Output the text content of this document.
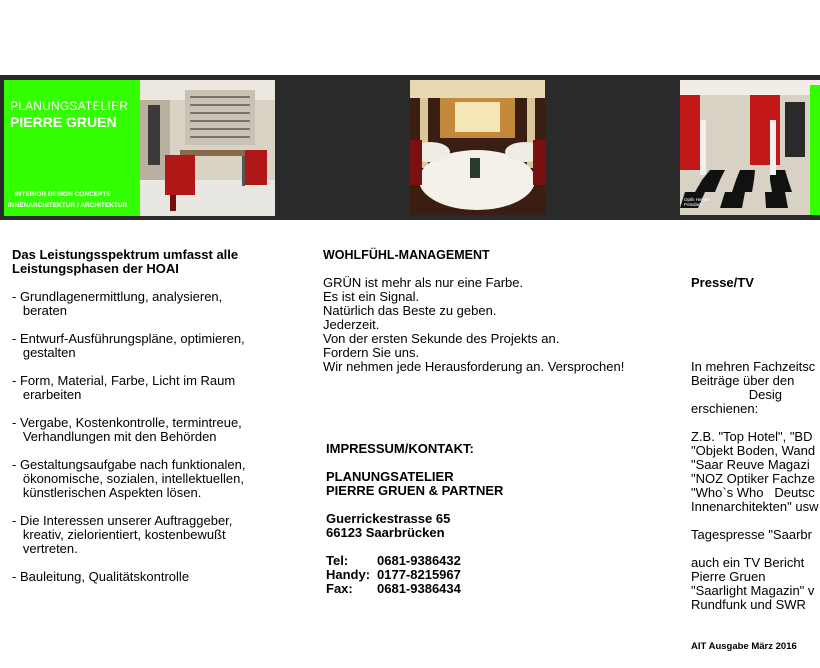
PLANUNGSATELIER
PIERRE GRUEN
INTERIOR DESIGN CONCEPTE
INNENARCHITEKTUR / ARCHITEKTUR
Optik Heinen Potsdam

Das Leistungsspektrum umfasst alle

Leistungsphasen der HOAI

- Grundlagenermittlung, analysieren,

beraten

- Entwurf-Ausführungspläne, optimieren,

gestalten

- Form, Material, Farbe, Licht im Raum

erarbeiten

- Vergabe, Kostenkontrolle, termintreue,

Verhandlungen mit den Behörden

- Gestaltungsaufgabe nach funktionalen,

ökonomische, sozialen, intellektuellen,

künstlerischen Aspekten lösen.

- Die Interessen unserer Auftraggeber,

kreativ, zielorientiert, kostenbewußt

vertreten.

- Bauleitung, Qualitätskontrolle

WOHLFÜHL-MANAGEMENT

GRÜN ist mehr als nur eine Farbe.

Es ist ein Signal.

Natürlich das Beste zu geben.

Jederzeit.

Von der ersten Sekunde des Projekts an.

Fordern Sie uns.

Wir nehmen jede Herausforderung an. Versprochen!

IMPRESSUM/KONTAKT:

PLANUNGSATELIER

PIERRE GRUEN & PARTNER

Guerrickestrasse 65

66123 Saarbrücken

Tel: 0681-9386432

Handy: 0177-8215967

Fax: 0681-9386434

Presse/TV

In mehren Fachzeitsc

Beiträge über den

Desig

erschienen:

Z.B. "Top Hotel", "BD

"Objekt Boden, Wand

"Saar Reuve Magazi

"NOZ Optiker Fachze

"Who`s Who   Deutsc

Innenarchitekten" usw

Tagespresse "Saarbr

auch ein TV Bericht

Pierre Gruen

"Saarlight Magazin" v

Rundfunk und SWR

AIT Ausgabe März 2016
